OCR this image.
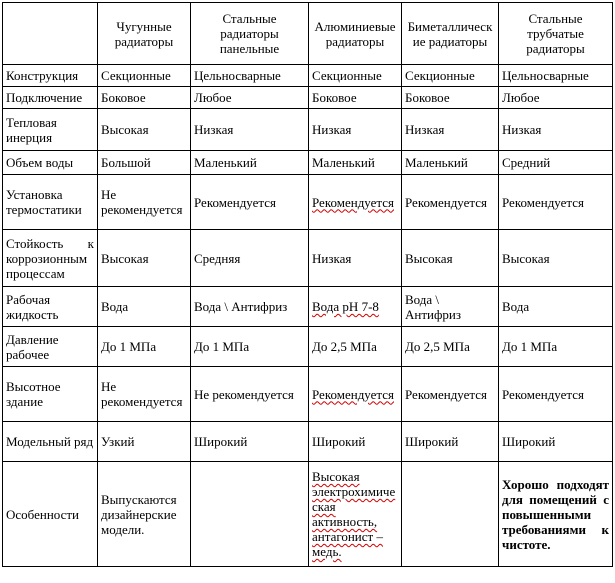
	Чугунные радиаторы	Стальные радиаторы панельные	Алюминиевые радиаторы	Биметаллические радиаторы	Стальные трубчатые радиаторы
Конструкция	Секционные	Цельносварные	Секционные	Секционные	Цельносварные
Подключение	Боковое	Любое	Боковое	Боковое	Любое
Тепловая инерция	Высокая	Низкая	Низкая	Низкая	Низкая
Объем воды	Большой	Маленький	Маленький	Маленький	Средний
Установка термостатики	Не рекомендуется	Рекомендуется	Рекомендуется	Рекомендуется	Рекомендуется
Стойкость к коррозионным процессам	Высокая	Средняя	Низкая	Высокая	Высокая
Рабочая жидкость	Вода	Вода \ Антифриз	Вода pH 7-8	Вода \ Антифриз	Вода
Давление рабочее	До 1 МПа	До 1 МПа	До 2,5 МПа	До 2,5 МПа	До 1 МПа
Высотное здание	Не рекомендуется	Не рекомендуется	Рекомендуется	Рекомендуется	Рекомендуется
Модельный ряд	Узкий	Широкий	Широкий	Широкий	Широкий
Особенности	Выпускаются дизайнерские модели.		Высокая электрохимическая активность, антагонист – медь.		Хорошо подходят для помещений с повышенными требованиями к чистоте.
